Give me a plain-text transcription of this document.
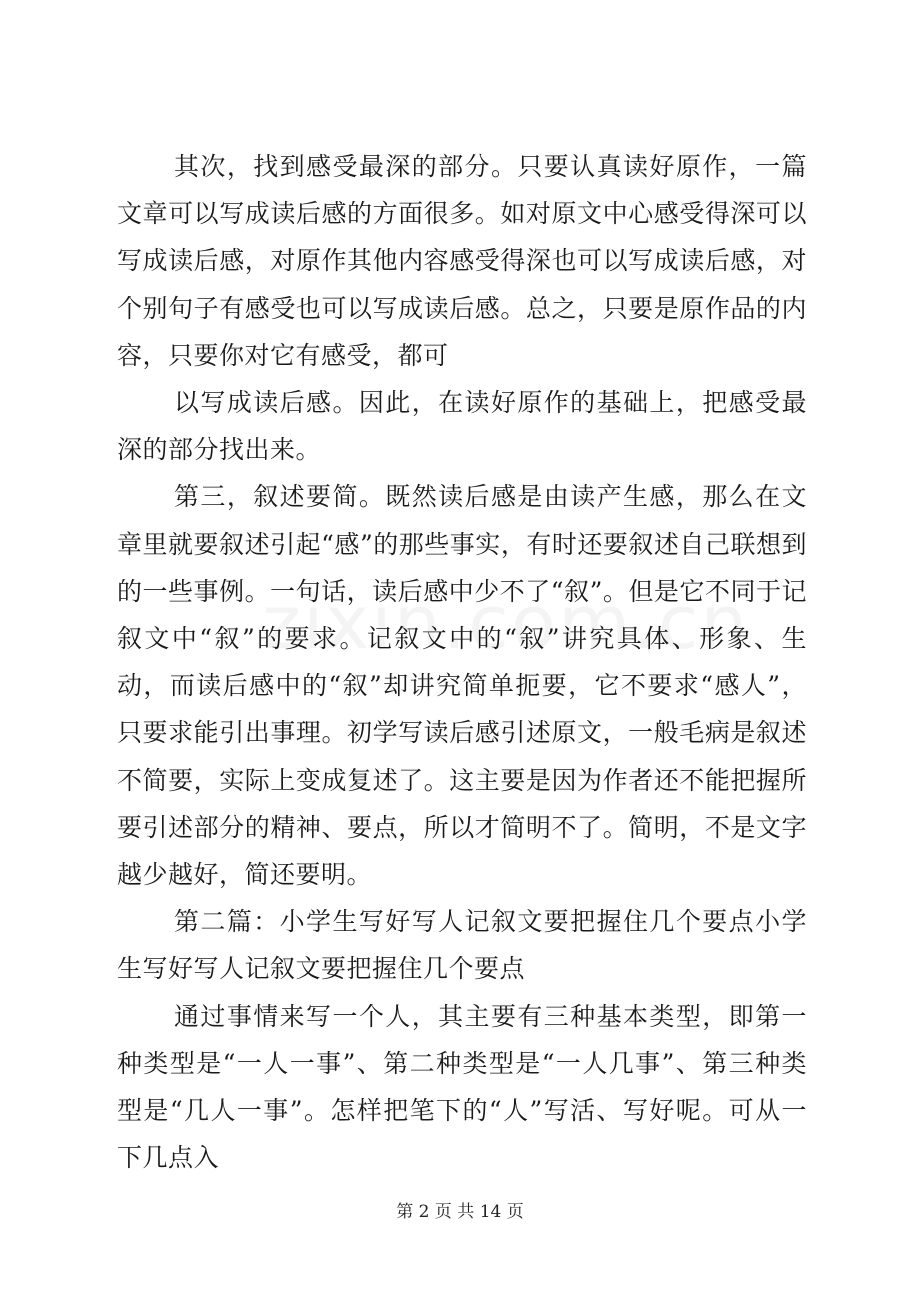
其次，找到感受最深的部分。只要认真读好原作，一篇文章可以写成读后感的方面很多。如对原文中心感受得深可以写成读后感，对原作其他内容感受得深也可以写成读后感，对个别句子有感受也可以写成读后感。总之，只要是原作品的内容，只要你对它有感受，都可

以写成读后感。因此，在读好原作的基础上，把感受最深的部分找出来。

第三，叙述要简。既然读后感是由读产生感，那么在文章里就要叙述引起“感”的那些事实，有时还要叙述自己联想到的一些事例。一句话，读后感中少不了“叙”。但是它不同于记叙文中“叙”的要求。记叙文中的“叙”讲究具体、形象、生动，而读后感中的“叙”却讲究简单扼要，它不要求“感人”，只要求能引出事理。初学写读后感引述原文，一般毛病是叙述不简要，实际上变成复述了。这主要是因为作者还不能把握所要引述部分的精神、要点，所以才简明不了。简明，不是文字越少越好，简还要明。

第二篇：小学生写好写人记叙文要把握住几个要点小学生写好写人记叙文要把握住几个要点

通过事情来写一个人，其主要有三种基本类型，即第一种类型是“一人一事”、第二种类型是“一人几事”、第三种类型是“几人一事”。怎样把笔下的“人”写活、写好呢。可从一下几点入

第 2 页 共 14 页
